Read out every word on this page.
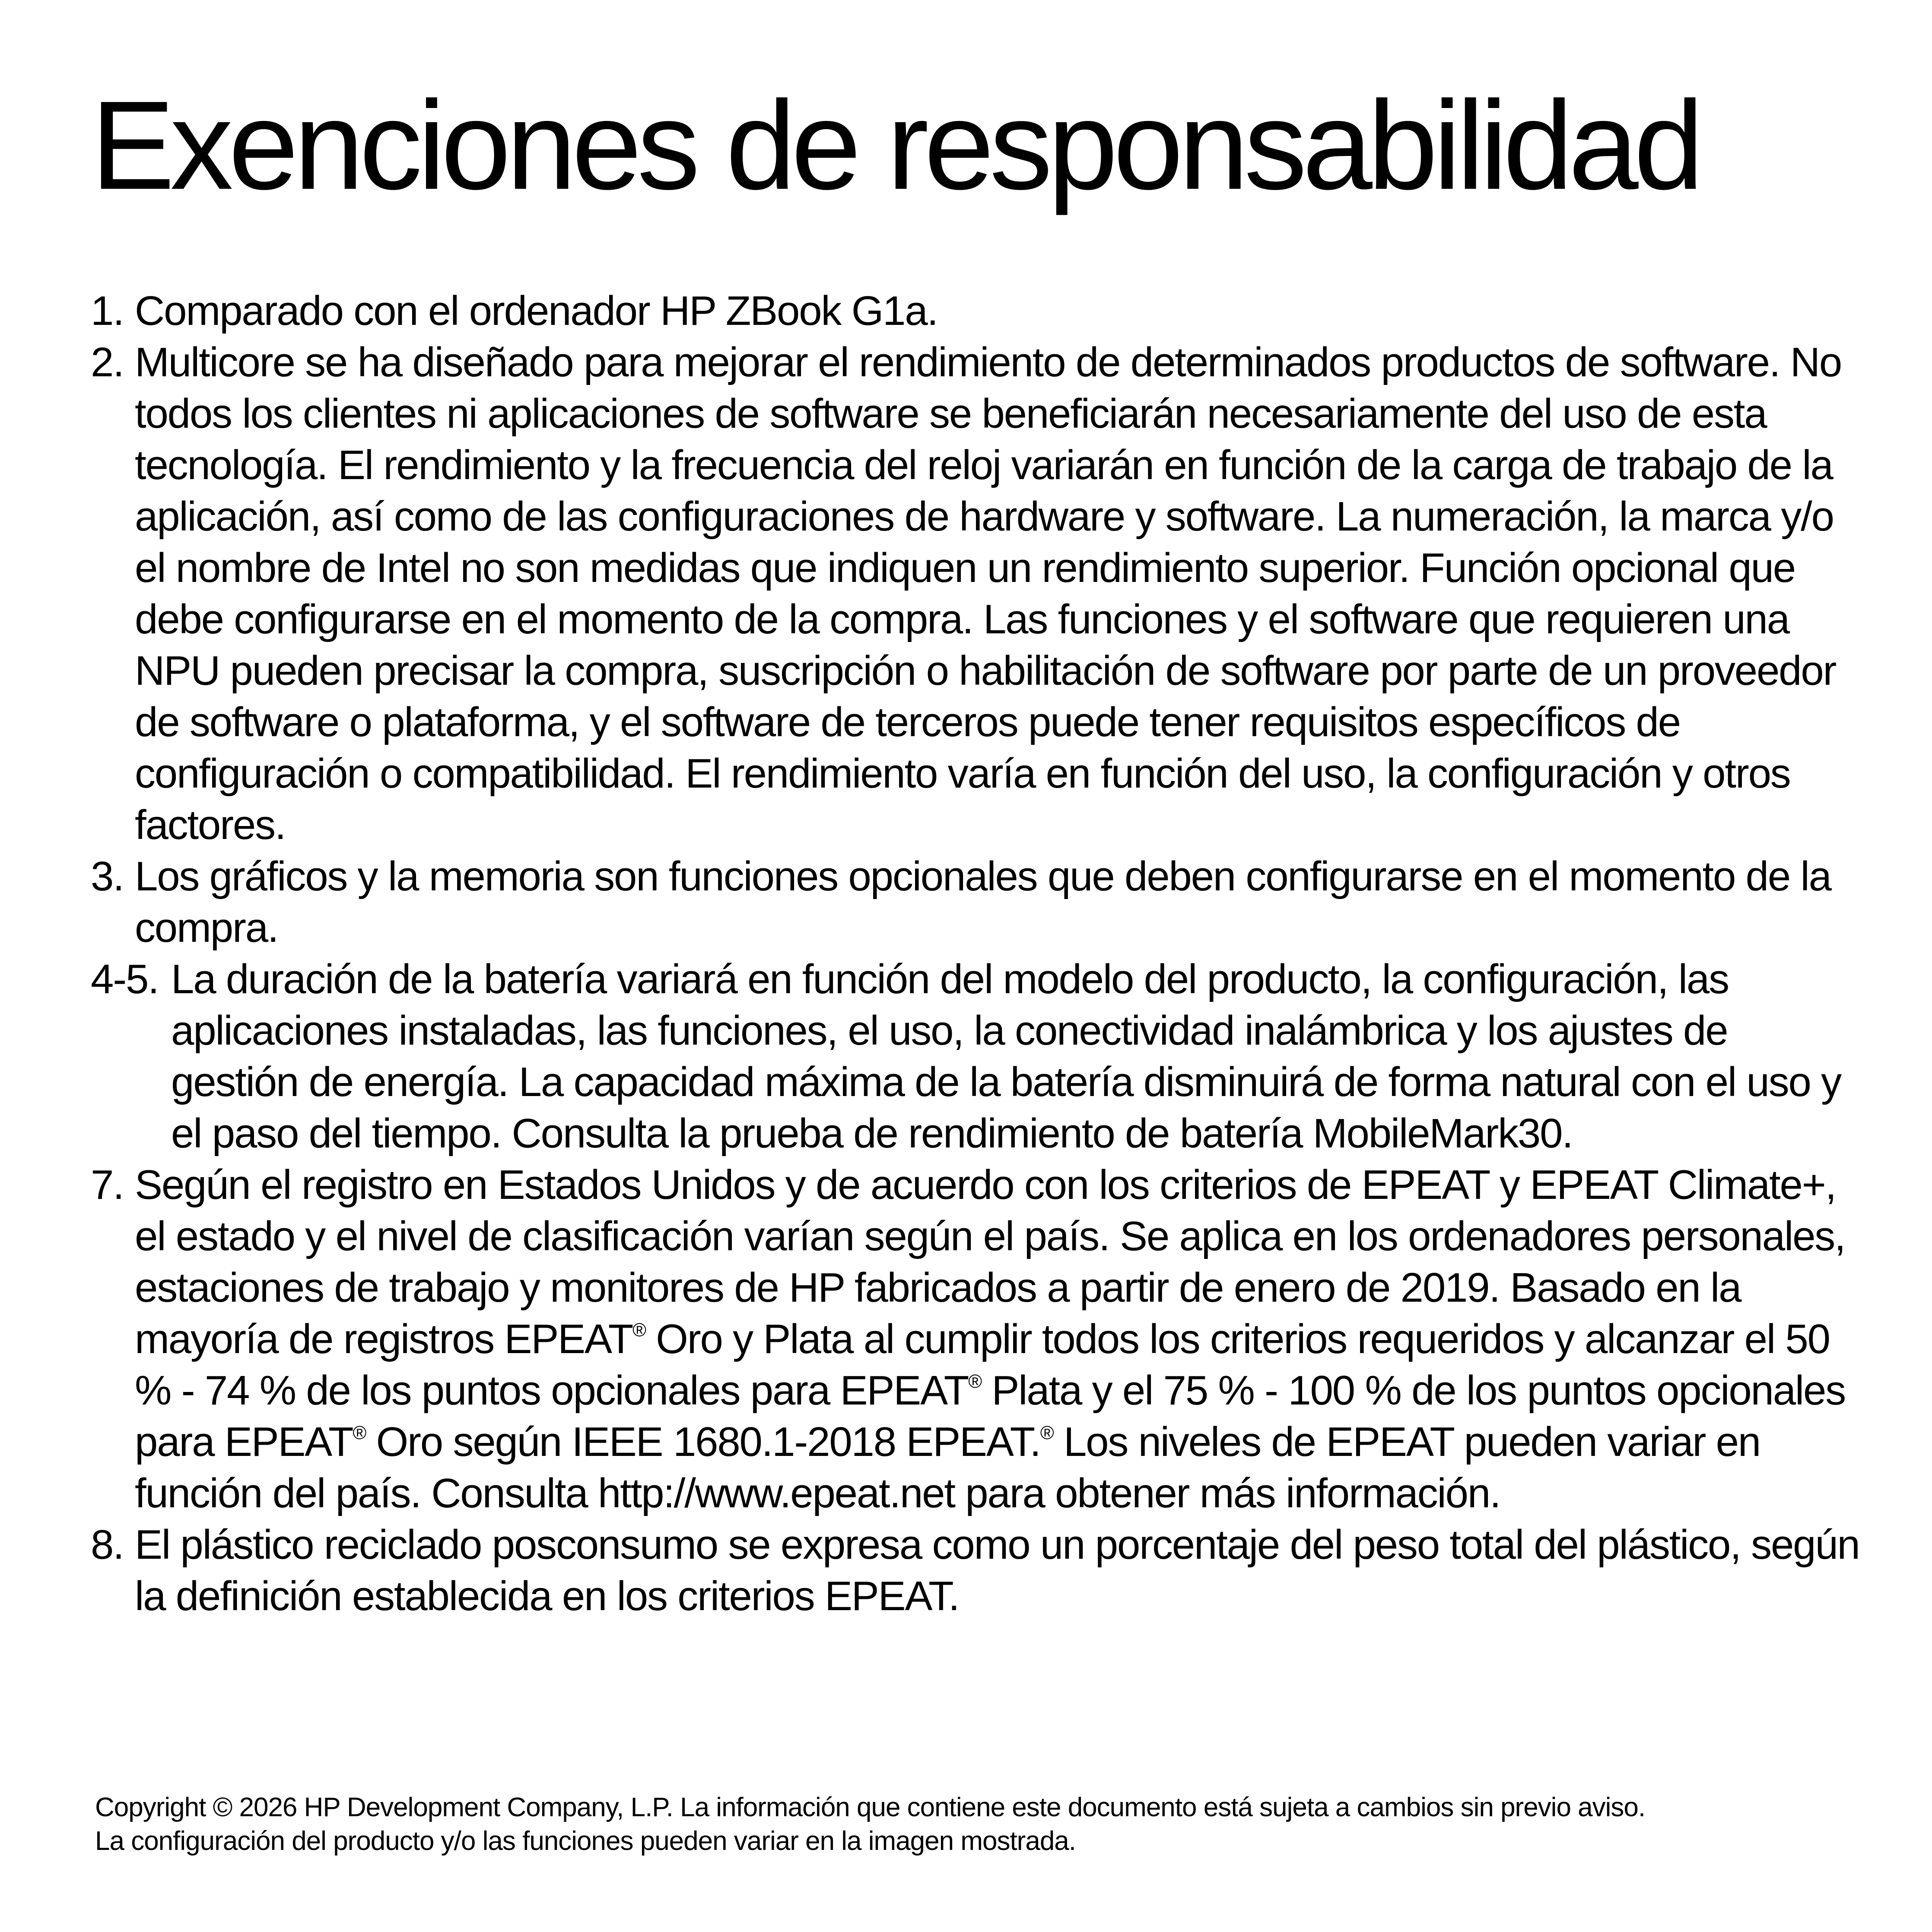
Exenciones de responsabilidad
1. Comparado con el ordenador HP ZBook G1a.
2. Multicore se ha diseñado para mejorar el rendimiento de determinados productos de software. No todos los clientes ni aplicaciones de software se beneficiarán necesariamente del uso de esta tecnología. El rendimiento y la frecuencia del reloj variarán en función de la carga de trabajo de la aplicación, así como de las configuraciones de hardware y software. La numeración, la marca y/o el nombre de Intel no son medidas que indiquen un rendimiento superior. Función opcional que debe configurarse en el momento de la compra. Las funciones y el software que requieren una NPU pueden precisar la compra, suscripción o habilitación de software por parte de un proveedor de software o plataforma, y el software de terceros puede tener requisitos específicos de configuración o compatibilidad. El rendimiento varía en función del uso, la configuración y otros factores.
3. Los gráficos y la memoria son funciones opcionales que deben configurarse en el momento de la compra.
4-5. La duración de la batería variará en función del modelo del producto, la configuración, las aplicaciones instaladas, las funciones, el uso, la conectividad inalámbrica y los ajustes de gestión de energía. La capacidad máxima de la batería disminuirá de forma natural con el uso y el paso del tiempo. Consulta la prueba de rendimiento de batería MobileMark30.
7. Según el registro en Estados Unidos y de acuerdo con los criterios de EPEAT y EPEAT Climate+, el estado y el nivel de clasificación varían según el país. Se aplica en los ordenadores personales, estaciones de trabajo y monitores de HP fabricados a partir de enero de 2019. Basado en la mayoría de registros EPEAT® Oro y Plata al cumplir todos los criterios requeridos y alcanzar el 50 % - 74 % de los puntos opcionales para EPEAT® Plata y el 75 % - 100 % de los puntos opcionales para EPEAT® Oro según IEEE 1680.1-2018 EPEAT.® Los niveles de EPEAT pueden variar en función del país. Consulta http://www.epeat.net para obtener más información.
8. El plástico reciclado posconsumo se expresa como un porcentaje del peso total del plástico, según la definición establecida en los criterios EPEAT.
Copyright © 2026 HP Development Company, L.P. La información que contiene este documento está sujeta a cambios sin previo aviso.
La configuración del producto y/o las funciones pueden variar en la imagen mostrada.
